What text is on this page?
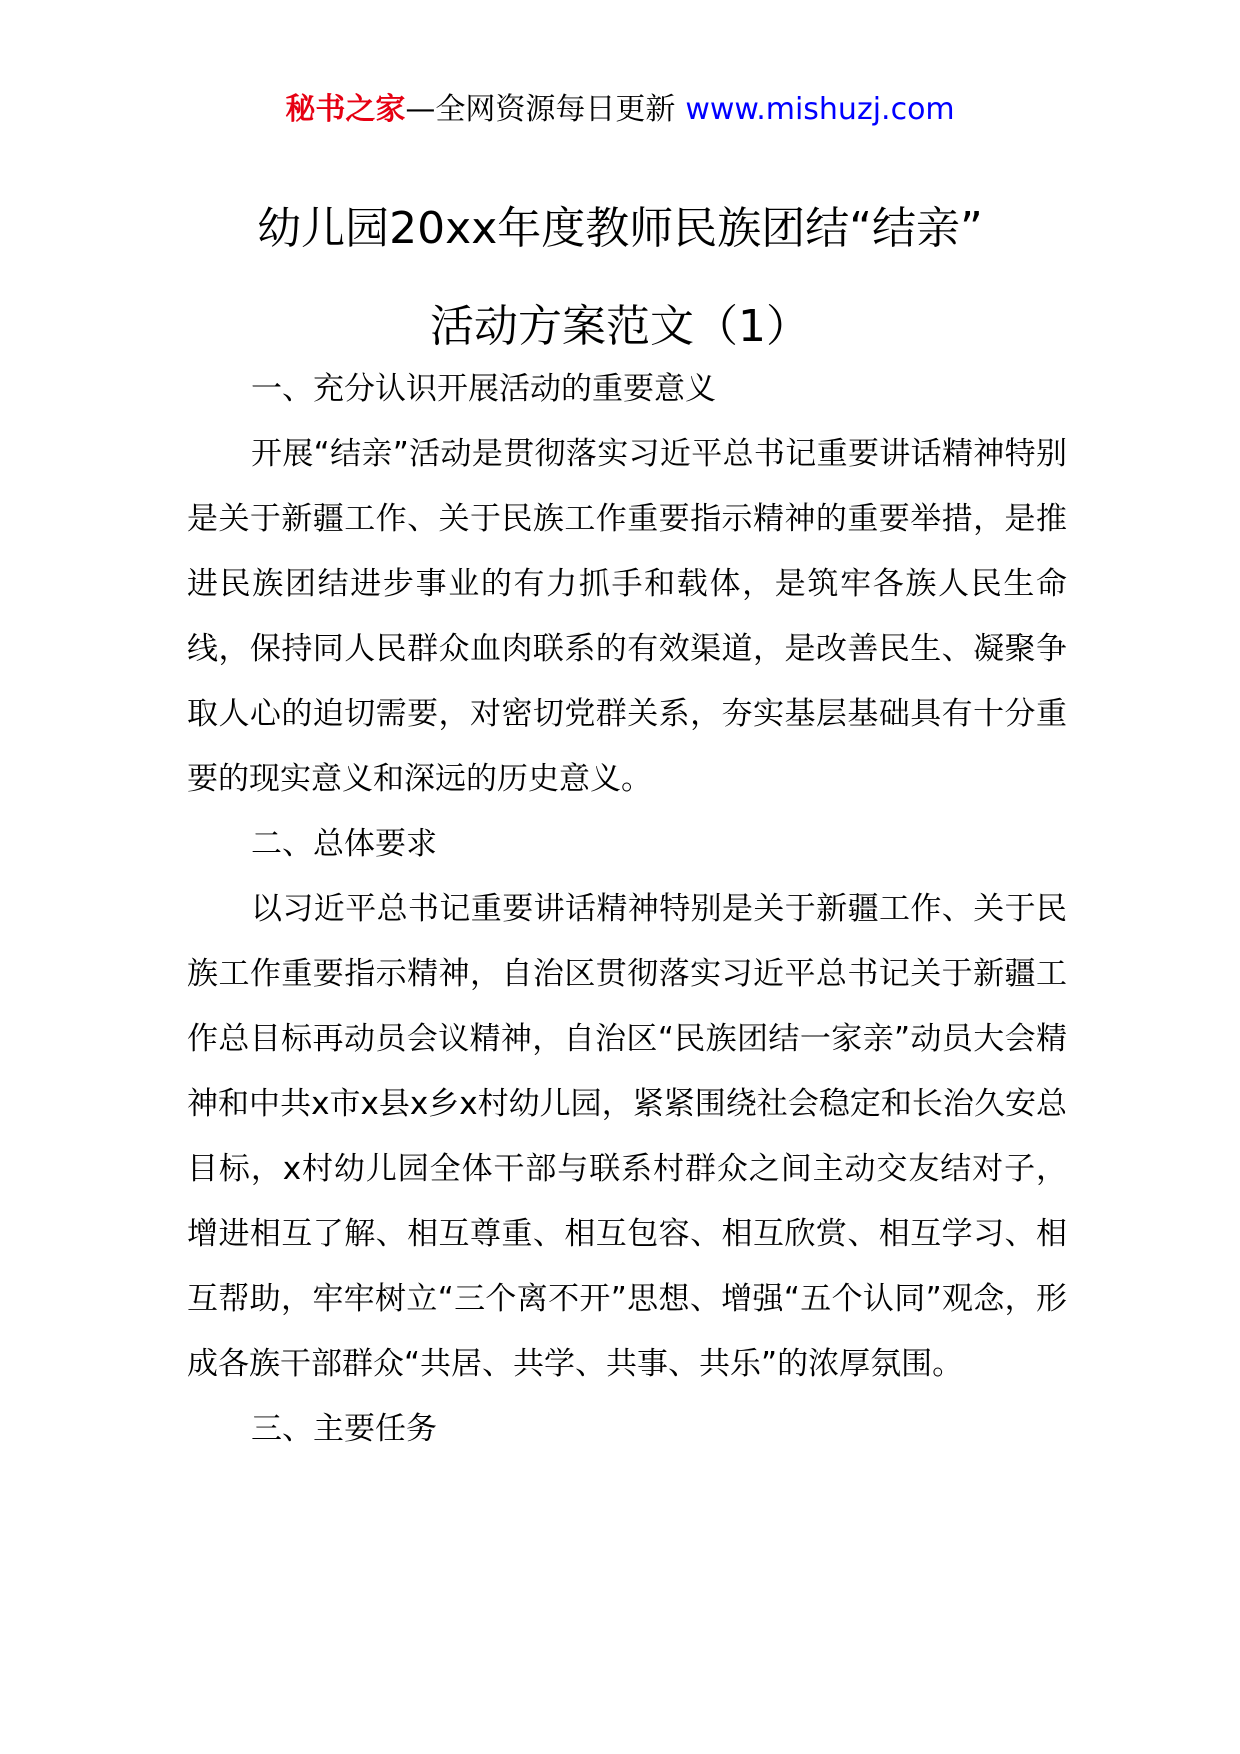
秘书之家—全网资源每日更新 www.mishuzj.com
幼儿园20xx年度教师民族团结“结亲”
活动方案范文（1）

一、充分认识开展活动的重要意义

开展“结亲”活动是贯彻落实习近平总书记重要讲话精神特别是关于新疆工作、关于民族工作重要指示精神的重要举措，是推进民族团结进步事业的有力抓手和载体，是筑牢各族人民生命线，保持同人民群众血肉联系的有效渠道，是改善民生、凝聚争取人心的迫切需要，对密切党群关系，夯实基层基础具有十分重要的现实意义和深远的历史意义。

二、总体要求

以习近平总书记重要讲话精神特别是关于新疆工作、关于民族工作重要指示精神，自治区贯彻落实习近平总书记关于新疆工作总目标再动员会议精神，自治区“民族团结一家亲”动员大会精神和中共x市x县x乡x村幼儿园，紧紧围绕社会稳定和长治久安总目标，x村幼儿园全体干部与联系村群众之间主动交友结对子，增进相互了解、相互尊重、相互包容、相互欣赏、相互学习、相互帮助，牢牢树立“三个离不开”思想、增强“五个认同”观念，形成各族干部群众“共居、共学、共事、共乐”的浓厚氛围。

三、主要任务
